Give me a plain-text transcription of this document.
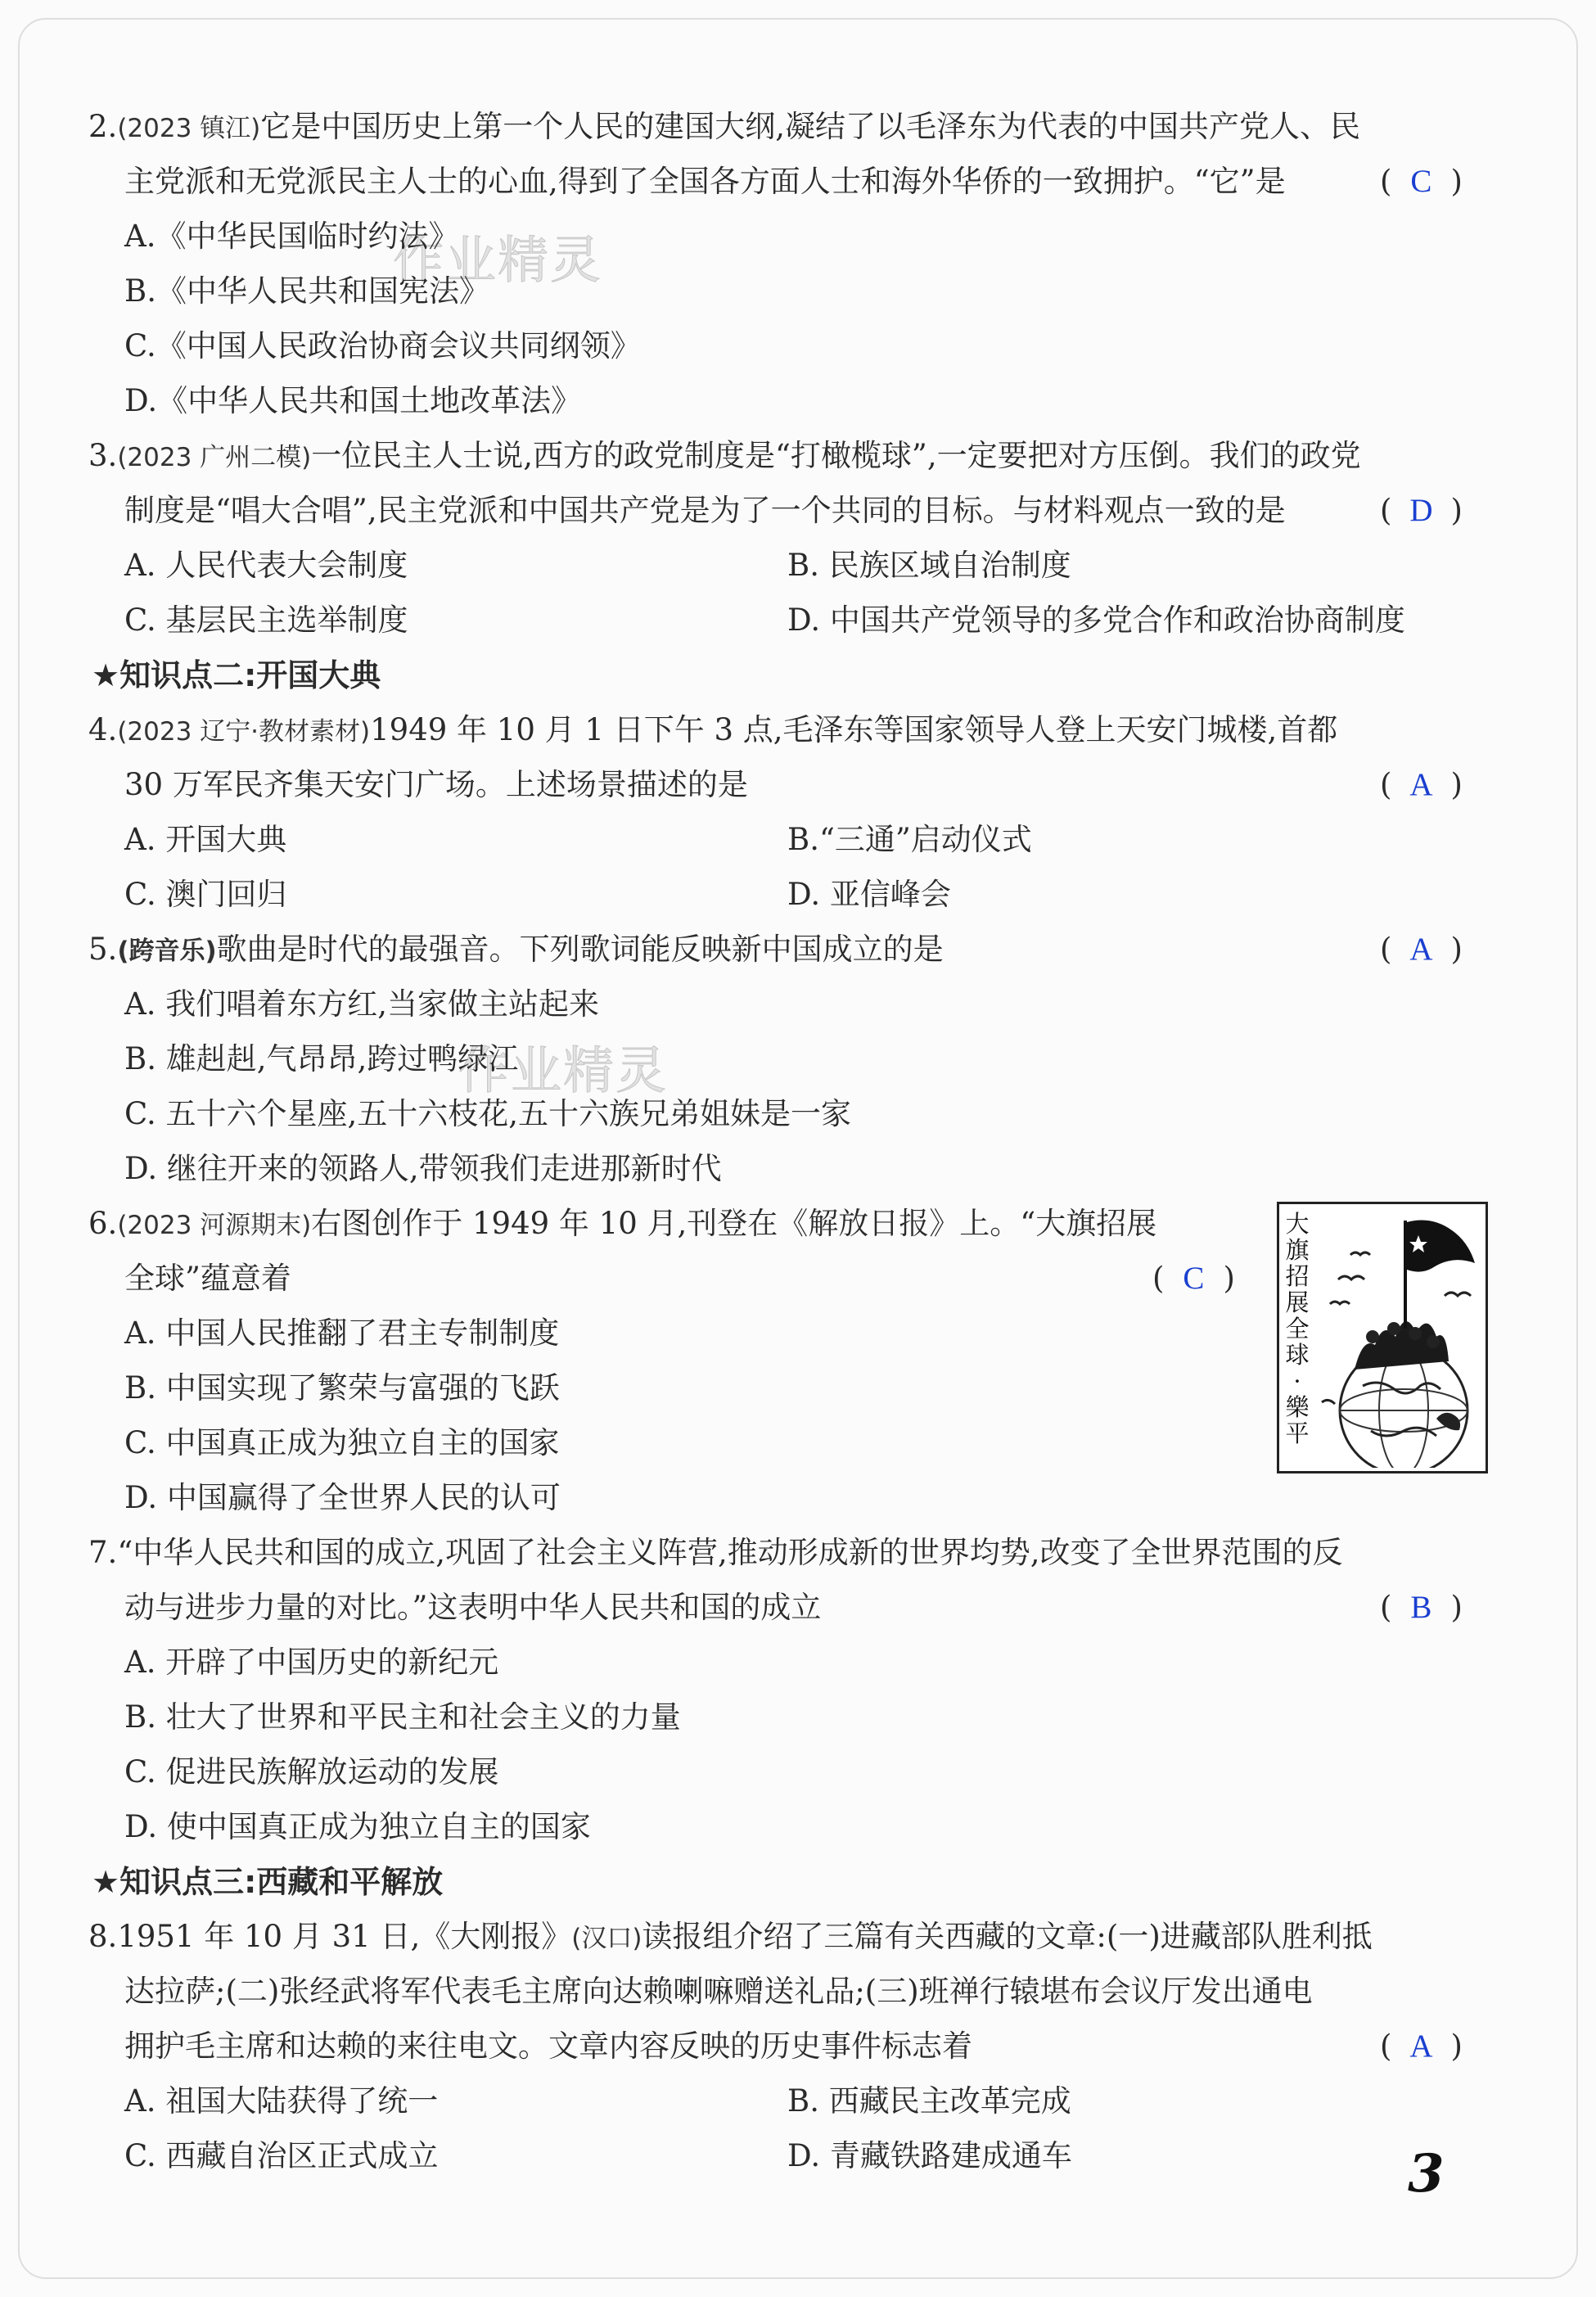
作业精灵
作业精灵
2.(2023 镇江)它是中国历史上第一个人民的建国大纲,凝结了以毛泽东为代表的中国共产党人、民
主党派和无党派民主人士的心血,得到了全国各方面人士和海外华侨的一致拥护。“它”是	( C )
A.《中华民国临时约法》
B.《中华人民共和国宪法》
C.《中国人民政治协商会议共同纲领》
D.《中华人民共和国土地改革法》
3.(2023 广州二模)一位民主人士说,西方的政党制度是“打橄榄球”,一定要把对方压倒。我们的政党
制度是“唱大合唱”,民主党派和中国共产党是为了一个共同的目标。与材料观点一致的是	( D )
A. 人民代表大会制度	B. 民族区域自治制度
C. 基层民主选举制度	D. 中国共产党领导的多党合作和政治协商制度
★知识点二:开国大典
4.(2023 辽宁·教材素材)1949 年 10 月 1 日下午 3 点,毛泽东等国家领导人登上天安门城楼,首都
30 万军民齐集天安门广场。上述场景描述的是	( A )
A. 开国大典	B.“三通”启动仪式
C. 澳门回归	D. 亚信峰会
5.(跨音乐)歌曲是时代的最强音。下列歌词能反映新中国成立的是	( A )
A. 我们唱着东方红,当家做主站起来
B. 雄赳赳,气昂昂,跨过鸭绿江
C. 五十六个星座,五十六枝花,五十六族兄弟姐妹是一家
D. 继往开来的领路人,带领我们走进那新时代
6.(2023 河源期末)右图创作于 1949 年 10 月,刊登在《解放日报》上。“大旗招展
全球”蕴意着	( C )
A. 中国人民推翻了君主专制制度
B. 中国实现了繁荣与富强的飞跃
C. 中国真正成为独立自主的国家
D. 中国赢得了全世界人民的认可
大
旗
招
展
全
球
·
樂
平
7.“中华人民共和国的成立,巩固了社会主义阵营,推动形成新的世界均势,改变了全世界范围的反
动与进步力量的对比。”这表明中华人民共和国的成立	( B )
A. 开辟了中国历史的新纪元
B. 壮大了世界和平民主和社会主义的力量
C. 促进民族解放运动的发展
D. 使中国真正成为独立自主的国家
★知识点三:西藏和平解放
8.1951 年 10 月 31 日,《大刚报》(汉口)读报组介绍了三篇有关西藏的文章:(一)进藏部队胜利抵
达拉萨;(二)张经武将军代表毛主席向达赖喇嘛赠送礼品;(三)班禅行辕堪布会议厅发出通电
拥护毛主席和达赖的来往电文。文章内容反映的历史事件标志着	( A )
A. 祖国大陆获得了统一	B. 西藏民主改革完成
C. 西藏自治区正式成立	D. 青藏铁路建成通车	3
